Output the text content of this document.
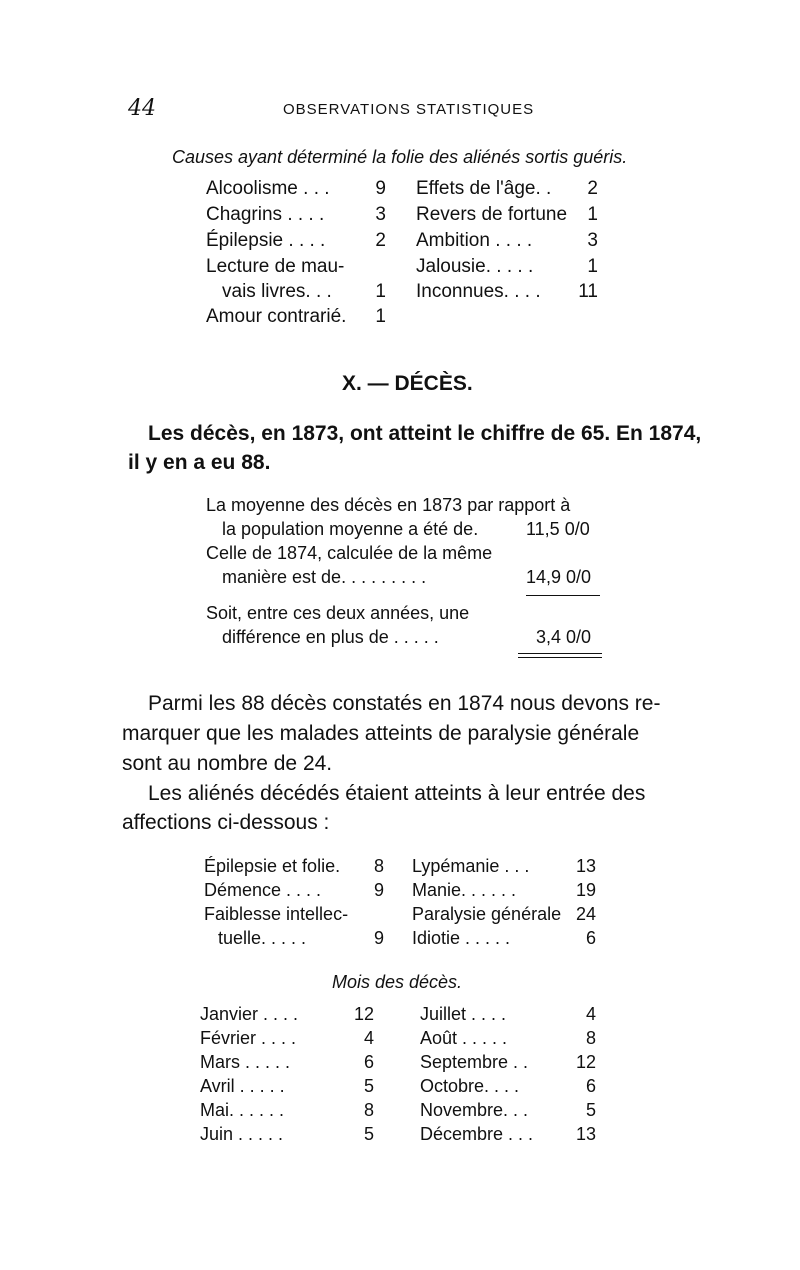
44	OBSERVATIONS STATISTIQUES
Causes ayant déterminé la folie des aliénés sortis guéris.
Alcoolisme . . .	9
Chagrins . . . .	3
Épilepsie . . . .	2
Lecture de mau-
vais livres. . .	1
Amour contrarié.	1
Effets de l'âge. .	2
Revers de fortune	1
Ambition . . . .	3
Jalousie. . . . .	1
Inconnues. . . .	11
X. — DÉCÈS.
Les décès, en 1873, ont atteint le chiffre de 65. En 1874,
il y en a eu 88.
La moyenne des décès en 1873 par rapport à
la population moyenne a été de.	11,5 0/0
Celle de 1874, calculée de la même
manière est de. . . . . . . . .	14,9 0/0
Soit, entre ces deux années, une
différence en plus de . . . . .	3,4 0/0
Parmi les 88 décès constatés en 1874 nous devons re-
marquer que les malades atteints de paralysie générale
sont au nombre de 24.
Les aliénés décédés étaient atteints à leur entrée des
affections ci-dessous :
Épilepsie et folie.	8
Démence . . . .	9
Faiblesse intellec-
tuelle. . . . .	9
Lypémanie . . .	13
Manie. . . . . .	19
Paralysie générale 24
Idiotie . . . . .	6
Mois des décès.
Janvier . . . .	12
Février . . . .	4
Mars . . . . .	6
Avril . . . . .	5
Mai. . . . . .	8
Juin . . . . .	5
Juillet . . . .	4
Août . . . . .	8
Septembre . .	12
Octobre. . . .	6
Novembre. . .	5
Décembre . . .	13
